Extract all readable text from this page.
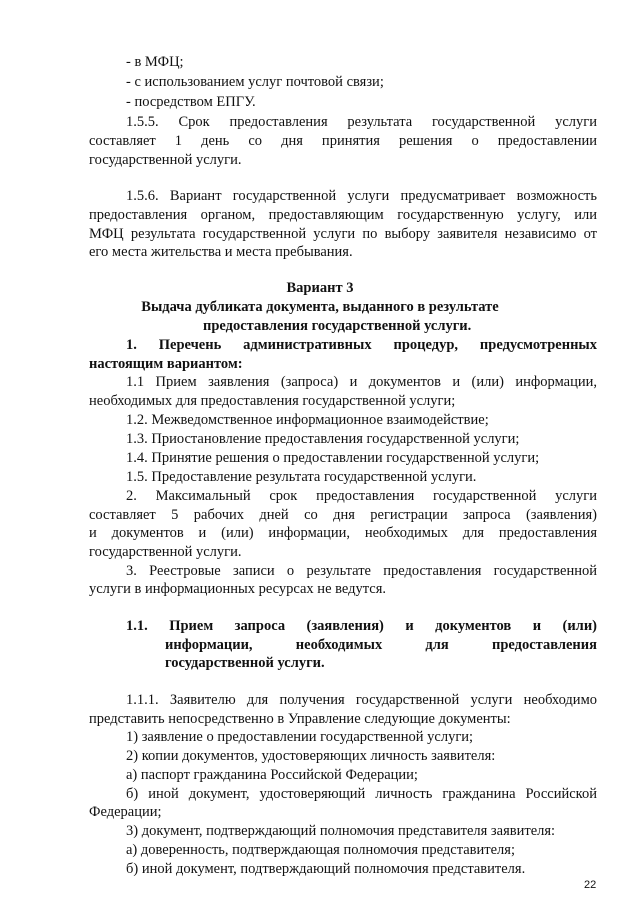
- в МФЦ;
- с использованием услуг почтовой связи;
- посредством ЕПГУ.
1.5.5. Срок предоставления результата государственной услуги
составляет 1 день со дня принятия решения о предоставлении
государственной услуги.
1.5.6. Вариант государственной услуги предусматривает возможность
предоставления органом, предоставляющим государственную услугу, или
МФЦ результата государственной услуги по выбору заявителя независимо от
его места жительства и места пребывания.
Вариант 3
Выдача дубликата документа, выданного в результате
предоставления государственной услуги.
1. Перечень административных процедур, предусмотренных
настоящим вариантом:
1.1 Прием заявления (запроса) и документов и (или) информации,
необходимых для предоставления государственной услуги;
1.2. Межведомственное информационное взаимодействие;
1.3. Приостановление предоставления государственной услуги;
1.4. Принятие решения о предоставлении государственной услуги;
1.5. Предоставление результата государственной услуги.
2. Максимальный срок предоставления государственной услуги
составляет 5 рабочих дней со дня регистрации запроса (заявления)
и документов и (или) информации, необходимых для предоставления
государственной услуги.
3. Реестровые записи о результате предоставления государственной
услуги в информационных ресурсах не ведутся.
1.1. Прием запроса (заявления) и документов и (или)
информации, необходимых для предоставления
государственной услуги.
1.1.1. Заявителю для получения государственной услуги необходимо
представить непосредственно в Управление следующие документы:
1) заявление о предоставлении государственной услуги;
2) копии документов, удостоверяющих личность заявителя:
а) паспорт гражданина Российской Федерации;
б) иной документ, удостоверяющий личность гражданина Российской
Федерации;
3) документ, подтверждающий полномочия представителя заявителя:
а) доверенность, подтверждающая полномочия представителя;
б) иной документ, подтверждающий полномочия представителя.
22
